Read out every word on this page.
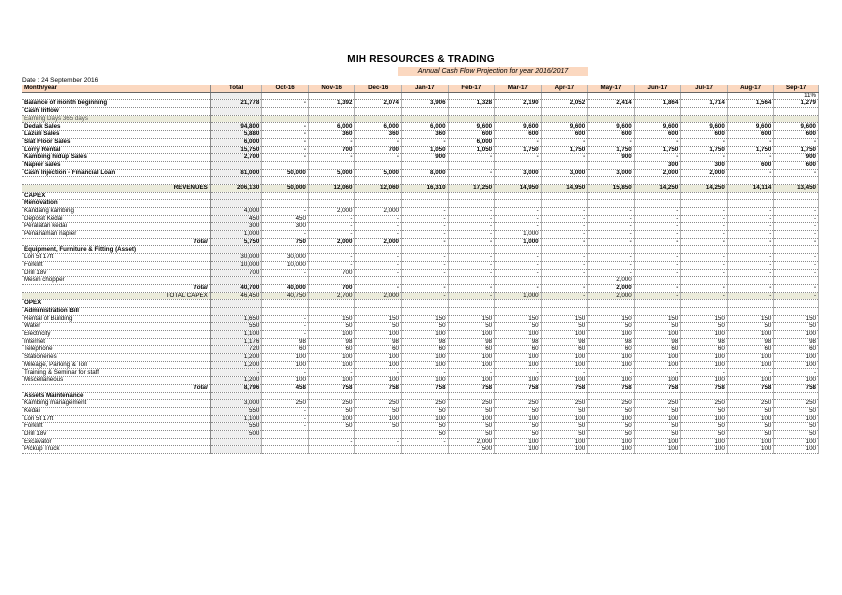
MIH RESOURCES & TRADING
Annual Cash Flow Projection for year 2016/2017
Date : 24 September 2016
Month/year	Total	Oct-16	Nov-16	Dec-16	Jan-17	Feb-17	Mar-17	Apr-17	May-17	Jun-17	Jul-17	Aug-17	Sep-17
													11%
Balance of month beginning	21,778	-	1,392	2,074	3,906	1,328	2,190	2,052	2,414	1,864	1,714	1,564	1,279
Cash Inflow													
Earning Days 365 days													
Dedak Sales	94,800	-	6,000	6,000	6,000	9,600	9,600	9,600	9,600	9,600	9,600	9,600	9,600
Lazuli Sales	5,880	-	360	360	360	600	600	600	600	600	600	600	600
Slat Floor Sales	6,000	-	-	-	-	6,000	-	-	-	-	-	-	-
Lorry Rental	15,750	-	700	700	1,050	1,050	1,750	1,750	1,750	1,750	1,750	1,750	1,750
Kambing hidup Sales	2,700	-	-	-	900	-	-	-	900	-	-	-	900
Napier sales										300	300	600	600
Cash Injection - Financial Loan	81,000	50,000	5,000	5,000	8,000	-	3,000	3,000	3,000	2,000	2,000	-	-

REVENUES	206,130	50,000	12,060	12,060	16,310	17,250	14,950	14,950	15,850	14,250	14,250	14,114	13,450
CAPEX													
Renovation													
Kandang kambing	4,000	-	2,000	2,000	-	-	-	-	-	-	-	-	-
Deposit Kedai	450	450	-	-	-	-	-	-	-	-	-	-	-
Peralatan kedai	300	300	-	-	-	-	-	-	-	-	-	-	-
Penanaman napier	1,000	-	-	-	-	-	1,000	-	-	-	-	-	-
Total	5,750	750	2,000	2,000	-	-	1,000	-	-	-	-	-	-
Equipment, Furniture & Fitting (Asset)													
Lori 5t 17ft	30,000	30,000	-	-	-	-	-	-	-	-	-	-	-
Forklift	10,000	10,000	-	-	-	-	-	-	-	-	-	-	-
Drill 18v	700	-	700	-	-	-	-	-	-	-	-	-	-
Mesin chopper									2,000				
Total	40,700	40,000	700	-	-	-	-	-	2,000	-	-	-	-
TOTAL CAPEX	46,450	40,750	2,700	2,000	-	-	1,000	-	2,000	-	-	-	-
OPEX													
Administration Bill													
Rental of Building	1,650	-	150	150	150	150	150	150	150	150	150	150	150
Water	550	-	50	50	50	50	50	50	50	50	50	50	50
Electricity	1,100	-	100	100	100	100	100	100	100	100	100	100	100
Internet	1,176	98	98	98	98	98	98	98	98	98	98	98	98
Telephone	720	60	60	60	60	60	60	60	60	60	60	60	60
Stationeries	1,200	100	100	100	100	100	100	100	100	100	100	100	100
Mileage, Parking & Toll	1,200	100	100	100	100	100	100	100	100	100	100	100	100
Training & Seminar for staff	-	-	-	-	-	-	-	-	-	-	-	-	-
Miscellaneous	1,200	100	100	100	100	100	100	100	100	100	100	100	100
Total	8,796	458	758	758	758	758	758	758	758	758	758	758	758
Assets Maintenance													
Kambing management	3,000	250	250	250	250	250	250	250	250	250	250	250	250
Kedai	550	-	50	50	50	50	50	50	50	50	50	50	50
Lori 5t 17ft	1,100	-	100	100	100	100	100	100	100	100	100	100	100
Forklift	550	-	50	50	50	50	50	50	50	50	50	50	50
Drill 18v	500				50	50	50	50	50	50	50	50	50
Excavator			-	-	-	2,000	100	100	100	100	100	100	100
Pickup Truck						500	100	100	100	100	100	100	100
